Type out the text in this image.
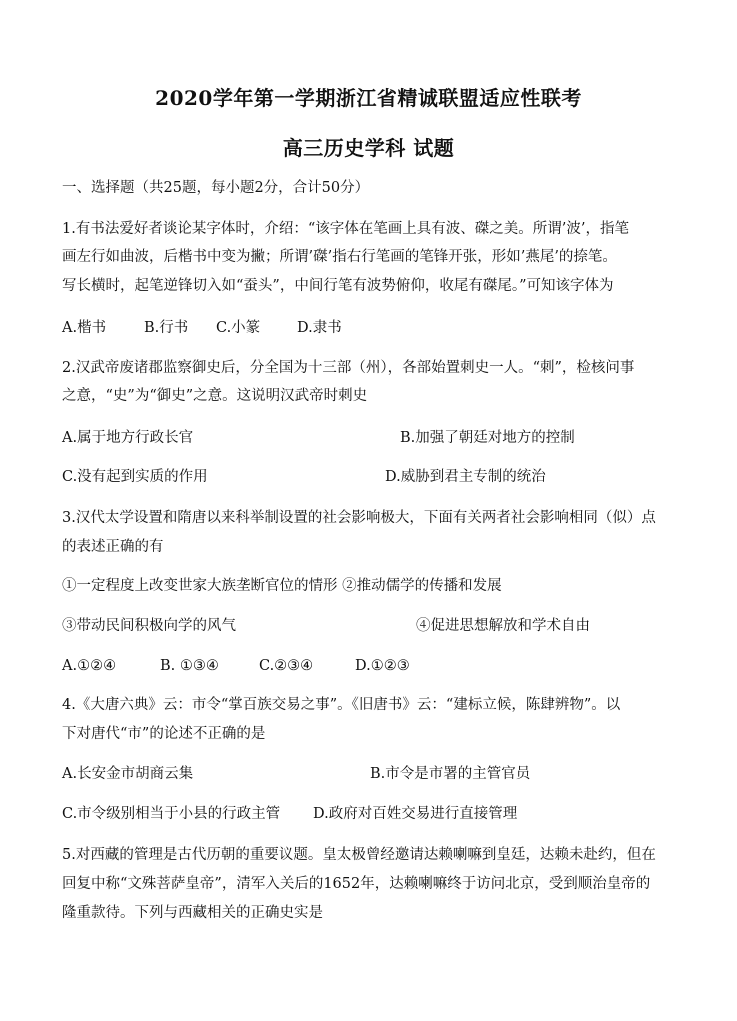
2020学年第一学期浙江省精诚联盟适应性联考
高三历史学科 试题
一、选择题（共25题，每小题2分，合计50分）
1.有书法爱好者谈论某字体时，介绍：“该字体在笔画上具有波、磔之美。所谓’波’，指笔
画左行如曲波，后楷书中变为撇；所谓’磔’指右行笔画的笔锋开张，形如’燕尾’的捺笔。
写长横时，起笔逆锋切入如“蚕头”，中间行笔有波势俯仰，收尾有磔尾。”可知该字体为
A.楷书	B.行书 C.小篆	D.隶书
2.汉武帝废诸郡监察御史后，分全国为十三部（州），各部始置刺史一人。“刺”，检核问事
之意，“史”为“御史”之意。这说明汉武帝时刺史
A.属于地方行政长官	B.加强了朝廷对地方的控制
C.没有起到实质的作用	D.威胁到君主专制的统治
3.汉代太学设置和隋唐以来科举制设置的社会影响极大，下面有关两者社会影响相同（似）点
的表述正确的有
①一定程度上改变世家大族垄断官位的情形 ②推动儒学的传播和发展
③带动民间积极向学的风气	④促进思想解放和学术自由
A.①②④	B. ①③④	C.②③④	D.①②③
4.《大唐六典》云：市令“掌百族交易之事”。《旧唐书》云：“建标立候，陈肆辨物”。以
下对唐代“市”的论述不正确的是
A.长安金市胡商云集	B.市令是市署的主管官员
C.市令级别相当于小县的行政主管 D.政府对百姓交易进行直接管理
5.对西藏的管理是古代历朝的重要议题。皇太极曾经邀请达赖喇嘛到皇廷，达赖未赴约，但在
回复中称“文殊菩萨皇帝”，清军入关后的1652年，达赖喇嘛终于访问北京，受到顺治皇帝的
隆重款待。下列与西藏相关的正确史实是
